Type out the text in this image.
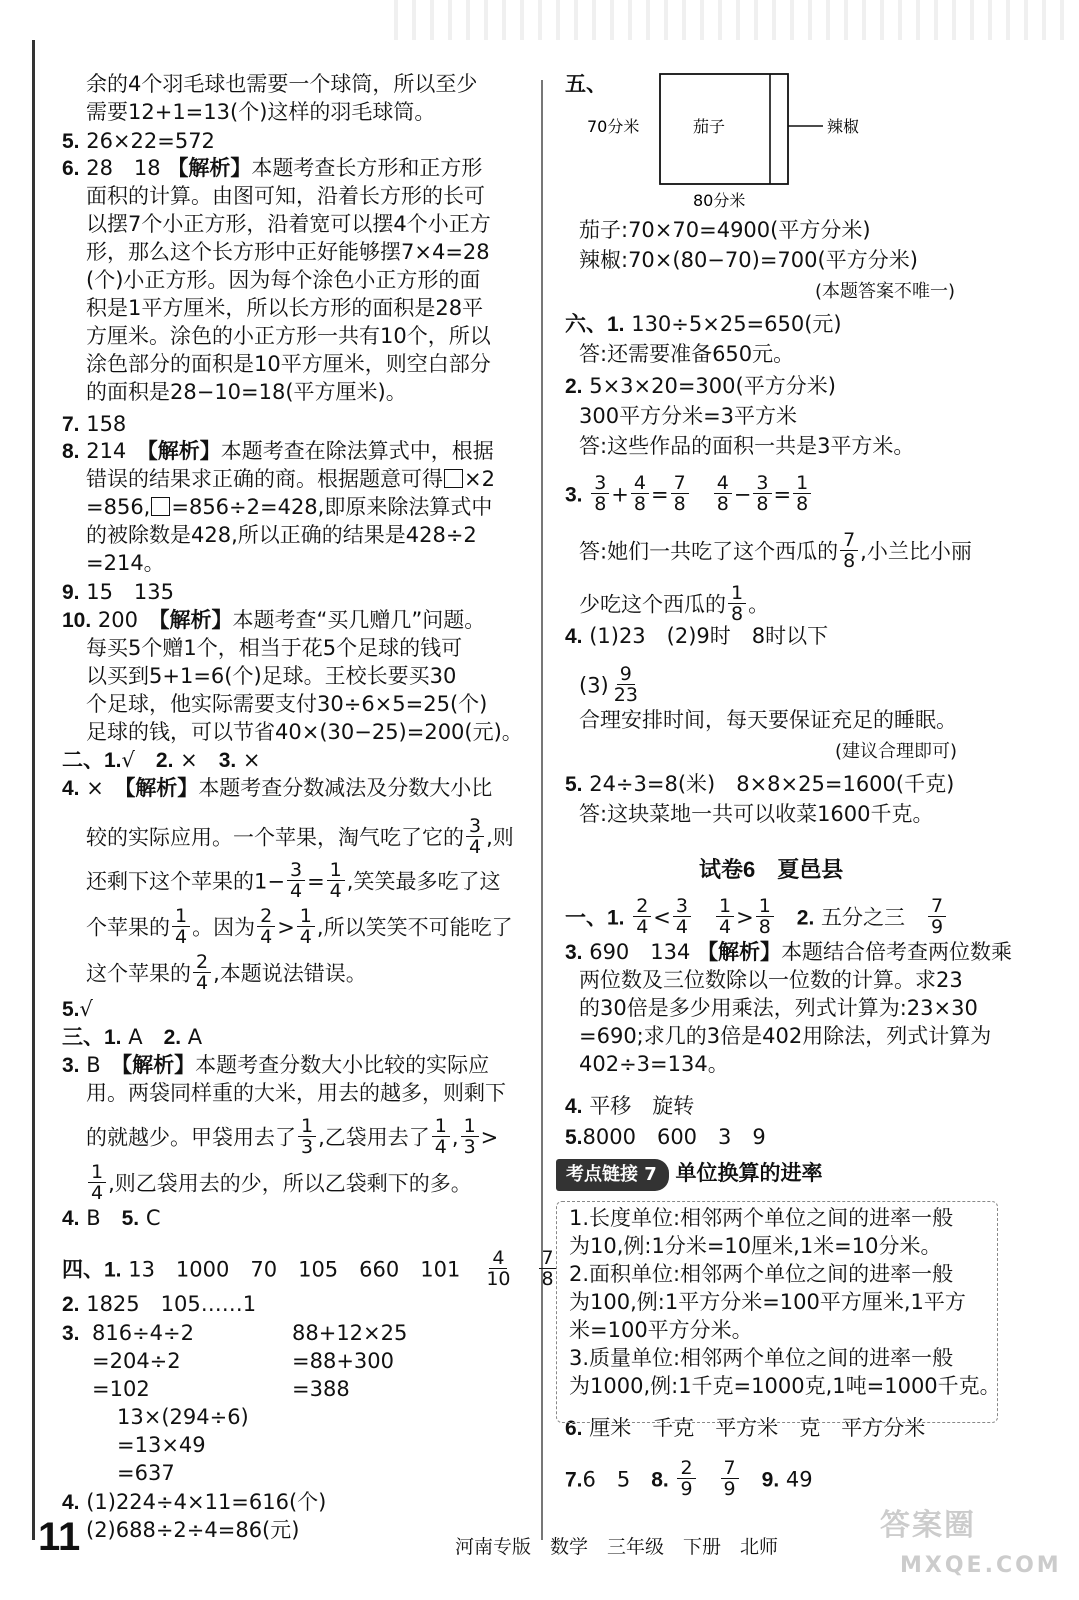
余的4个羽毛球也需要一个球筒，所以至少
需要12+1=13(个)这样的羽毛球筒。
5. 26×22=572
6. 28　18 【解析】本题考查长方形和正方形
面积的计算。由图可知，沿着长方形的长可
以摆7个小正方形，沿着宽可以摆4个小正方
形，那么这个长方形中正好能够摆7×4=28
(个)小正方形。因为每个涂色小正方形的面
积是1平方厘米，所以长方形的面积是28平
方厘米。涂色的小正方形一共有10个，所以
涂色部分的面积是10平方厘米，则空白部分
的面积是28−10=18(平方厘米)。
7. 158
8. 214　 【解析】本题考查在除法算式中，根据
错误的结果求正确的商。根据题意可得 ×2
=856, =856÷2=428,即原来除法算式中
的被除数是428,所以正确的结果是428÷2
=214。
9. 15　135
10. 200　 【解析】本题考查“买几赠几”问题。
每买5个赠1个，相当于花5个足球的钱可
以买到5+1=6(个)足球。王校长要买30
个足球，他实际需要支付30÷6×5=25(个)
足球的钱，可以节省40×(30−25)=200(元)。
二、1.√　 2. ×　 3. ×
4. ×　 【解析】本题考查分数减法及分数大小比
较的实际应用。一个苹果，淘气吃了它的 $\frac{3}{4}$ ,则
还剩下这个苹果的$1- \frac{3}{4} = \frac{1}{4}$ ,笑笑最多吃了这
个苹果的 $\frac{1}{4}$ 。因为 $\frac{2}{4} > \frac{1}{4}$ ,所以笑笑不可能吃了
这个苹果的 $\frac{2}{4}$ ,本题说法错误。
5.√
三、1. A　 2. A
3. B　 【解析】本题考查分数大小比较的实际应
用。两袋同样重的大米，用去的越多，则剩下
的就越少。甲袋用去了 $\frac{1}{3}$ ,乙袋用去了 $\frac{1}{4}$ , $\frac{1}{3}$ >
$\frac{1}{4}$ ,则乙袋用去的少，所以乙袋剩下的多。
4. B　 5. C
四、1. 13　1000　70　105　660　101　 $\frac{4}{10}$
　 $\frac{7}{8}$
2. 1825　105……1
3. 816÷4÷2
=204÷2
=102
88+12×25
=88+300
=388
13×(294÷6)
=13×49
=637
4. (1)224÷4×11=616(个)
(2)688÷2÷4=86(元)
五、
70分米	茄子	辣椒
80分米
茄子:70×70=4900(平方分米)
辣椒:70×(80−70)=700(平方分米)
(本题答案不唯一)
六、1. 130÷5×25=650(元)
答:还需要准备650元。
2. 5×3×20=300(平方分米)
300平方分米=3平方米
答:这些作品的面积一共是3平方米。
3. $\frac{3}{8} + \frac{4}{8} = \frac{7}{8}$
　 $\frac{4}{8} - \frac{3}{8} = \frac{1}{8}$
答:她们一共吃了这个西瓜的 $\frac{7}{8}$ ,小兰比小丽
少吃这个西瓜的 $\frac{1}{8}$ 。
4. (1)23　(2)9时　8时以下
$(3) \frac{9}{23}$
合理安排时间，每天要保证充足的睡眠。
(建议合理即可)
5. 24÷3=8(米)　8×8×25=1600(千克)
答:这块菜地一共可以收菜1600千克。
试卷6　夏邑县
一、1. $\frac{2}{4} < \frac{3}{4}$
　 $\frac{1}{4} > \frac{1}{8}$
　 2. 五分之三　 $\frac{7}{9}$
3. 690　134 【解析】本题结合倍考查两位数乘
两位数及三位数除以一位数的计算。求23
的30倍是多少用乘法，列式计算为:23×30
=690;求几的3倍是402用除法，列式计算为
402÷3=134。
4. 平移　旋转
5.8000　600　3　9
考点链接 7 单位换算的进率
1.长度单位:相邻两个单位之间的进率一般
为10,例:1分米=10厘米,1米=10分米。
2.面积单位:相邻两个单位之间的进率一般
为100,例:1平方分米=100平方厘米,1平方
米=100平方分米。
3.质量单位:相邻两个单位之间的进率一般
为1000,例:1千克=1000克,1吨=1000千克。
6. 厘米　千克　平方米　克　平方分米
7.6　5　 8. $\frac{2}{9}$
　 $\frac{7}{9}$
　 9. 49
11	河南专版　数学　三年级　下册　北师
答案圈
MXQE.COM
